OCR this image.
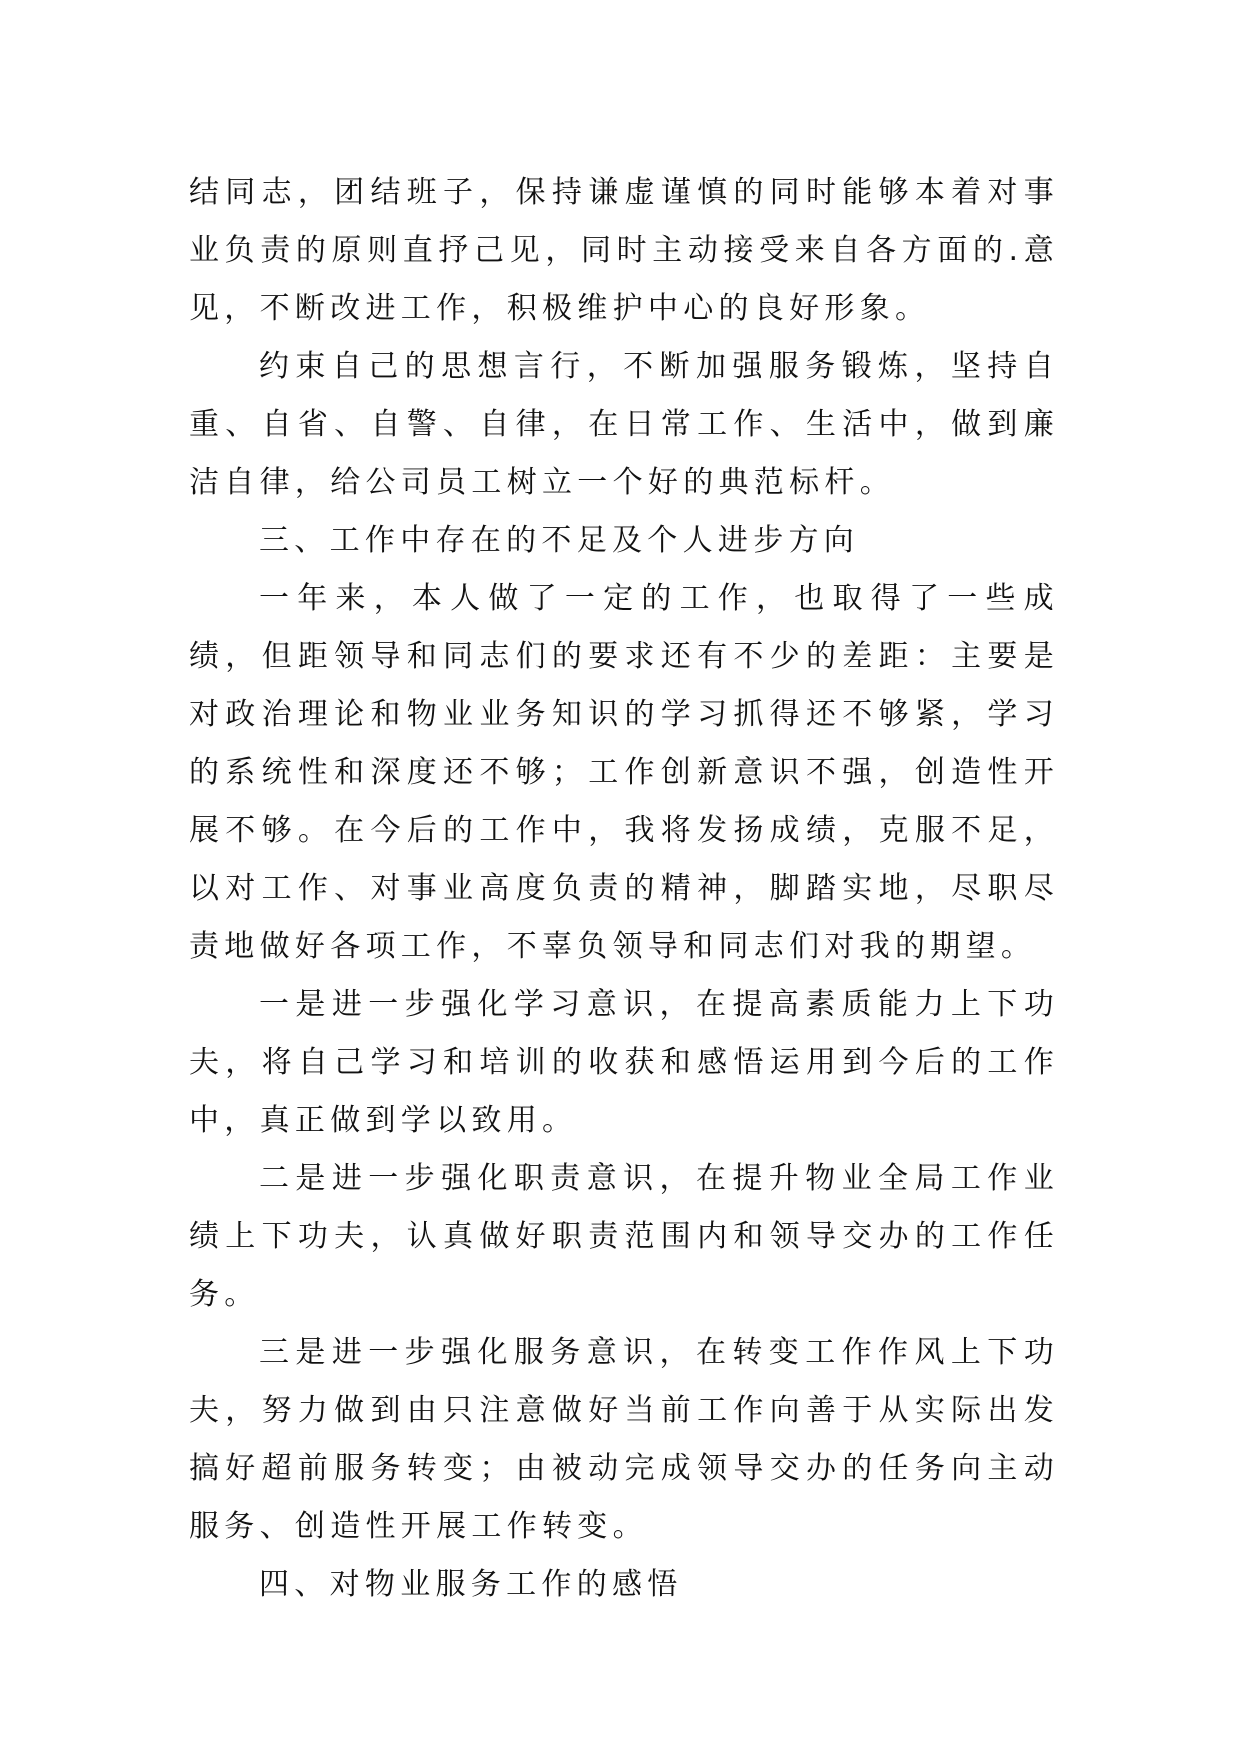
结同志，团结班子，保持谦虚谨慎的同时能够本着对事业负责的原则直抒己见，同时主动接受来自各方面的.意见，不断改进工作，积极维护中心的良好形象。

约束自己的思想言行，不断加强服务锻炼，坚持自重、自省、自警、自律，在日常工作、生活中，做到廉洁自律，给公司员工树立一个好的典范标杆。

三、工作中存在的不足及个人进步方向

一年来，本人做了一定的工作，也取得了一些成绩，但距领导和同志们的要求还有不少的差距：主要是对政治理论和物业业务知识的学习抓得还不够紧，学习的系统性和深度还不够；工作创新意识不强，创造性开展不够。在今后的工作中，我将发扬成绩，克服不足，以对工作、对事业高度负责的精神，脚踏实地，尽职尽责地做好各项工作，不辜负领导和同志们对我的期望。

一是进一步强化学习意识，在提高素质能力上下功夫，将自己学习和培训的收获和感悟运用到今后的工作中，真正做到学以致用。

二是进一步强化职责意识，在提升物业全局工作业绩上下功夫，认真做好职责范围内和领导交办的工作任务。

三是进一步强化服务意识，在转变工作作风上下功夫，努力做到由只注意做好当前工作向善于从实际出发搞好超前服务转变；由被动完成领导交办的任务向主动服务、创造性开展工作转变。

四、对物业服务工作的感悟
